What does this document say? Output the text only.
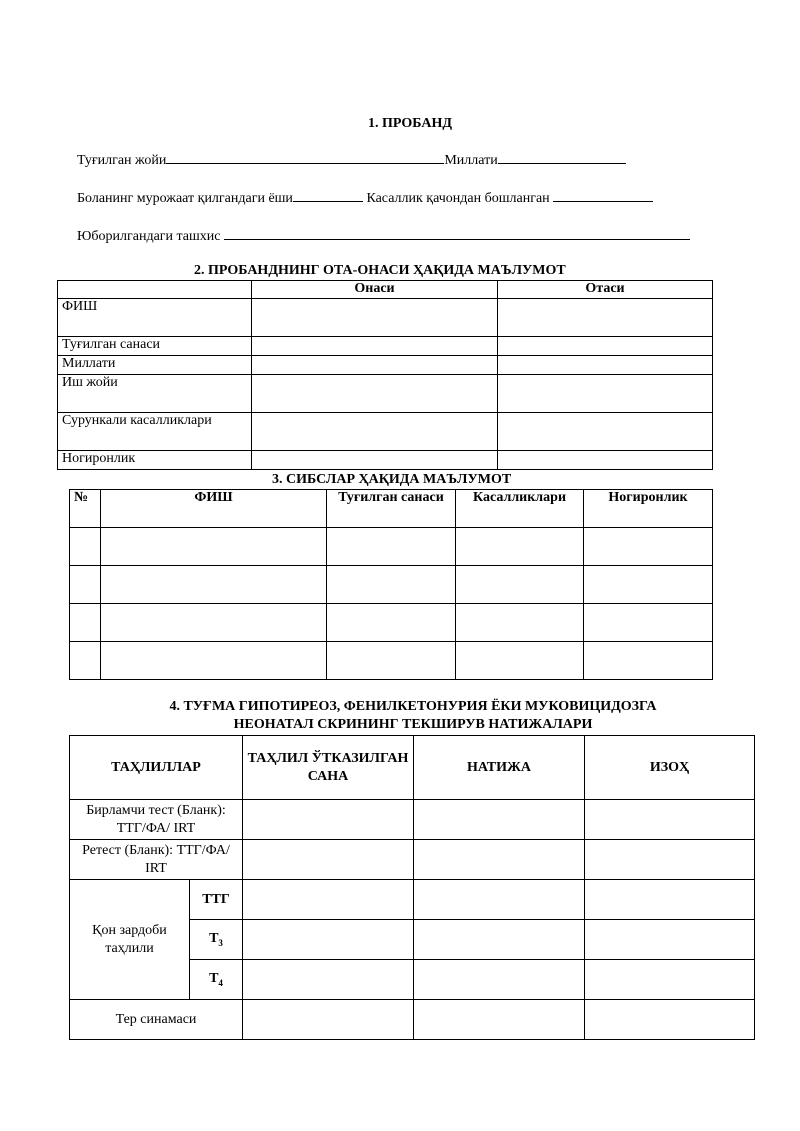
1. ПРОБАНД
Туғилган жойи	Миллати
Боланинг мурожаат қилгандаги ёши	Касаллик қачондан бошланган
Юборилгандаги ташхис
2. ПРОБАНДНИНГ ОТА-ОНАСИ ҲАҚИДА МАЪЛУМОТ
	Онаси	Отаси
ФИШ		
Туғилган санаси		
Миллати		
Иш жойи		
Сурункали касалликлари		
Ногиронлик		
3. СИБСЛАР ҲАҚИДА МАЪЛУМОТ
№	ФИШ	Туғилган санаси	Касалликлари	Ногиронлик

4. ТУҒМА ГИПОТИРЕОЗ, ФЕНИЛКЕТОНУРИЯ ЁКИ МУКОВИЦИДОЗГА
НЕОНАТАЛ СКРИНИНГ ТЕКШИРУВ НАТИЖАЛАРИ
ТАҲЛИЛЛАР		ТАҲЛИЛ ЎТКАЗИЛГАН САНА	НАТИЖА	ИЗОҲ
Бирламчи тест (Бланк): ТТГ/ФА/ IRT				
Ретест (Бланк): ТТГ/ФА/ IRT				
Қон зардоби таҳлили	ТТГ			
	$Т_3$			
	$Т_4$			
Тер синамаси				
